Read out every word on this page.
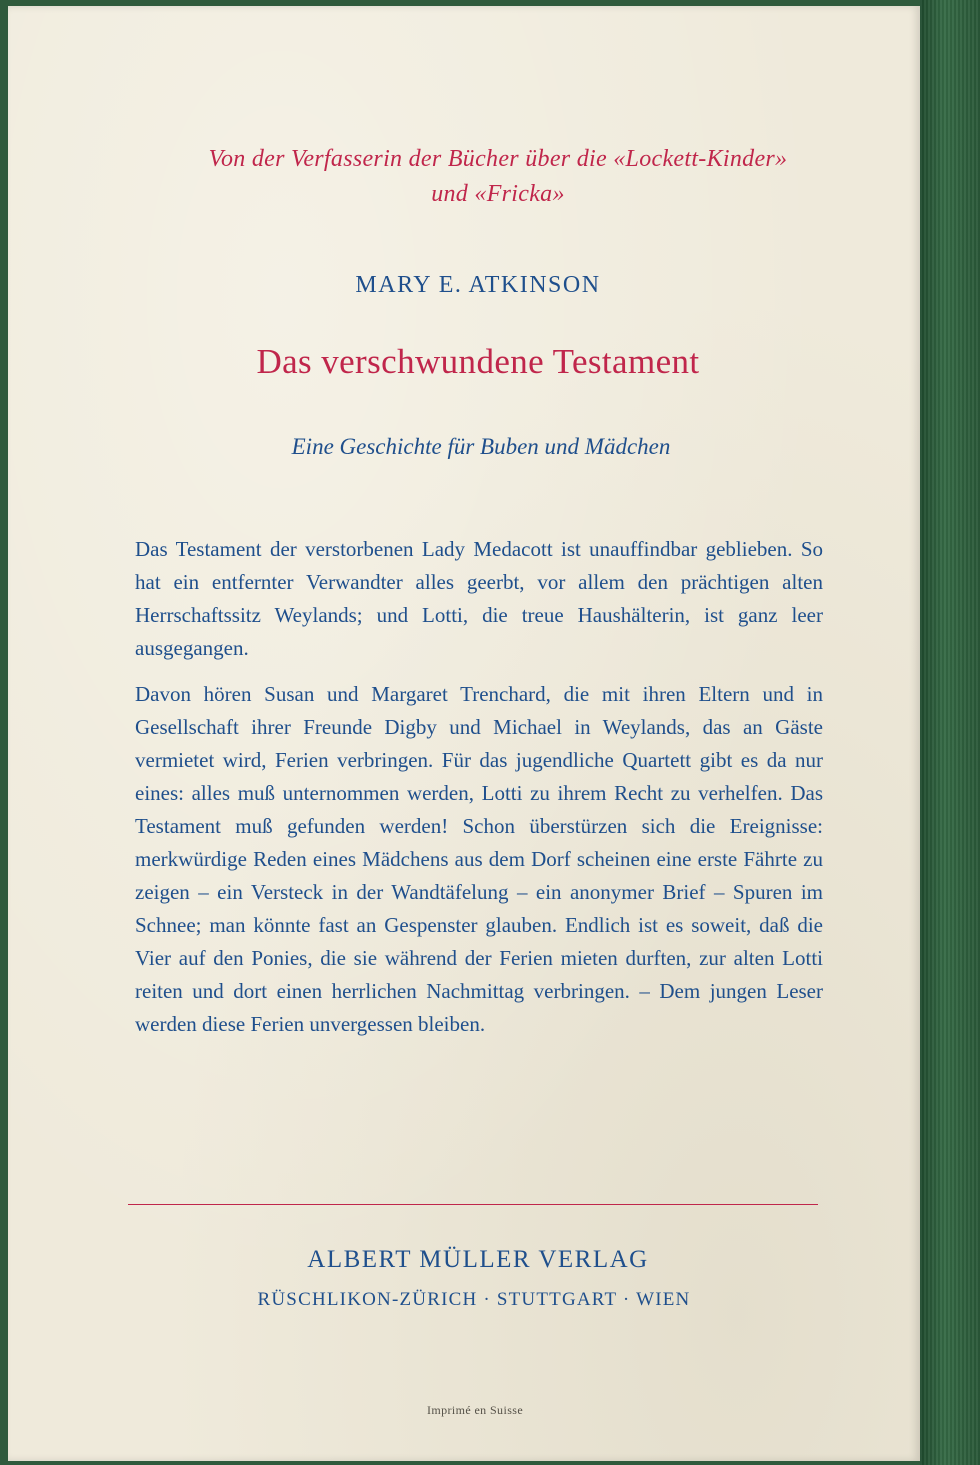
Von der Verfasserin der Bücher über die «Lockett-Kinder»
und «Fricka»
MARY E. ATKINSON
Das verschwundene Testament
Eine Geschichte für Buben und Mädchen

Das Testament der verstorbenen Lady Medacott ist unauffindbar geblieben. So hat ein entfernter Verwandter alles geerbt, vor allem den prächtigen alten Herrschaftssitz Weylands; und Lotti, die treue Haushälterin, ist ganz leer ausgegangen.

Davon hören Susan und Margaret Trenchard, die mit ihren Eltern und in Gesellschaft ihrer Freunde Digby und Michael in Weylands, das an Gäste vermietet wird, Ferien verbringen. Für das jugendliche Quartett gibt es da nur eines: alles muß unternommen werden, Lotti zu ihrem Recht zu verhelfen. Das Testament muß gefunden werden! Schon überstürzen sich die Ereignisse: merkwürdige Reden eines Mädchens aus dem Dorf scheinen eine erste Fährte zu zeigen – ein Versteck in der Wandtäfelung – ein anonymer Brief – Spuren im Schnee; man könnte fast an Gespenster glauben. Endlich ist es soweit, daß die Vier auf den Ponies, die sie während der Ferien mieten durften, zur alten Lotti reiten und dort einen herrlichen Nachmittag verbringen. – Dem jungen Leser werden diese Ferien unvergessen bleiben.

ALBERT MÜLLER VERLAG
RÜSCHLIKON-ZÜRICH · STUTTGART · WIEN
Imprimé en Suisse
